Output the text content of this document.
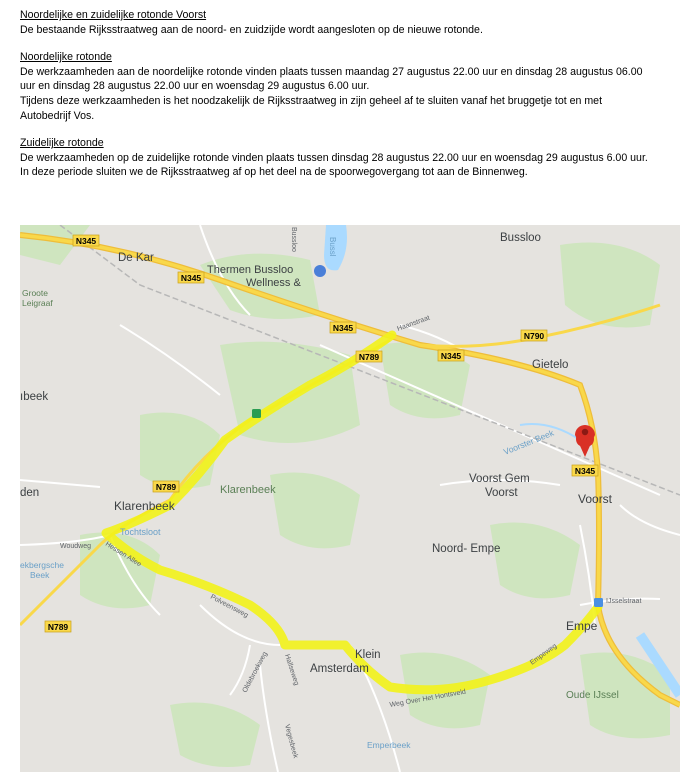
Noordelijke en zuidelijke rotonde Voorst

De bestaande Rijksstraatweg aan de noord- en zuidzijde wordt aangesloten op de nieuwe rotonde.

Noordelijke rotonde

De werkzaamheden aan de noordelijke rotonde vinden plaats tussen maandag 27 augustus 22.00 uur en dinsdag 28 augustus 06.00

uur en dinsdag 28 augustus 22.00 uur en woensdag 29 augustus 6.00 uur.

Tijdens deze werkzaamheden is het noodzakelijk de Rijksstraatweg in zijn geheel af te sluiten vanaf het bruggetje tot en met

Autobedrijf Vos.

Zuidelijke rotonde

De werkzaamheden op de zuidelijke rotonde vinden plaats tussen dinsdag 28 augustus 22.00 uur en woensdag 29 augustus 6.00 uur.

In deze periode sluiten we de Rijksstraatweg af op het deel na de spoorwegovergang tot aan de Binnenweg.

N345
N345
N345
N345
N345
N790
N789
N789
N789
Bussloo
De Kar
Thermen Bussloo
Wellness &
Gietelo
Voorst Gem
Voorst	Voorst
Klarenbeek
Klarenbeek
Tochtsloot
Noord- Empe
Empe
Klein
Amsterdam
Oude IJssel
Groote
Leigraaf
ıbeek
den
ekbergsche
Beek
Voorster Beek
Emperbeek
IJsselstraat
Bussl
Haanstraat
Woudweg Hessen Allee
Polveensweg
Hallseweg
Oldebroekweg
Weg Over Het Hontsveld
Empeweg
Vegesbeek
Bussloo
